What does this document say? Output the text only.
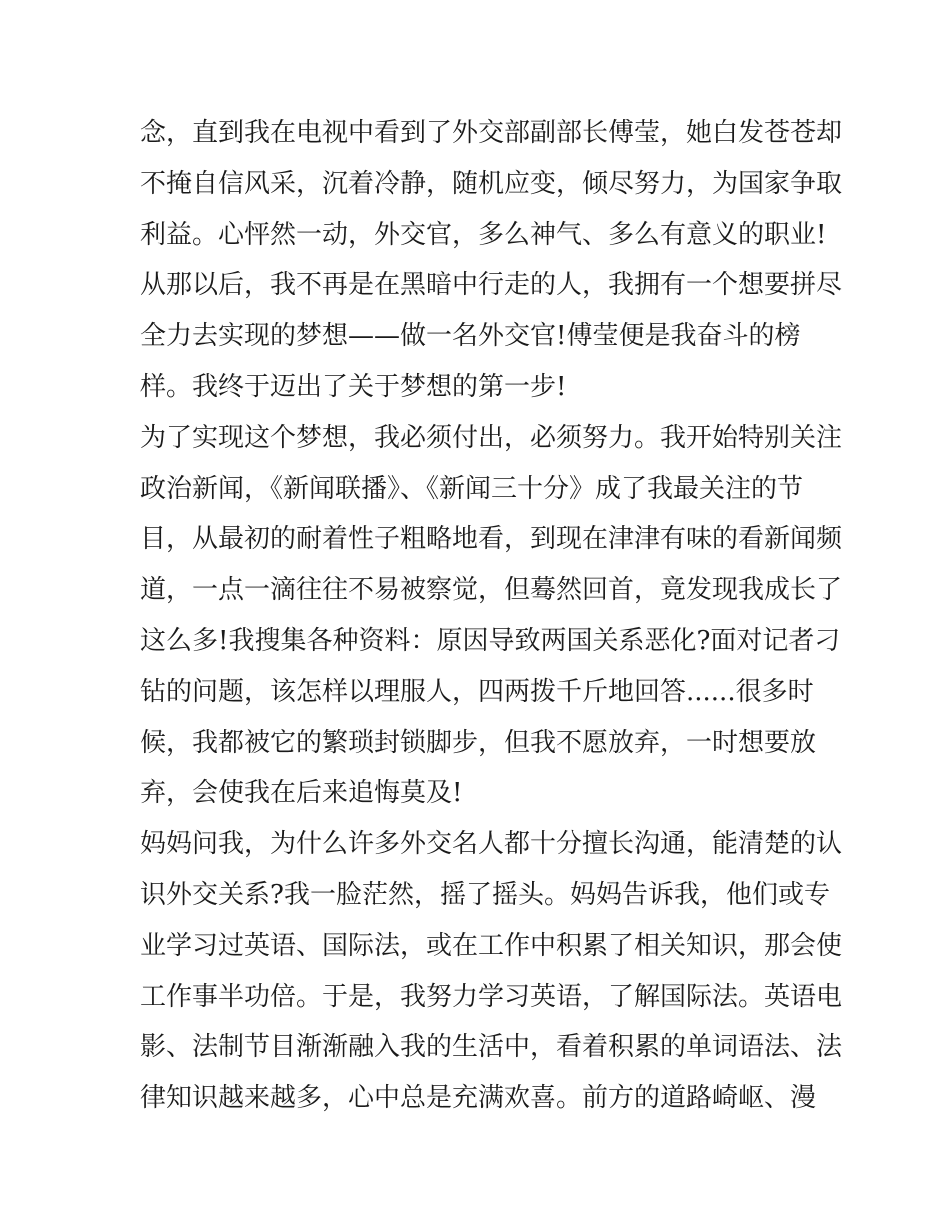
念，直到我在电视中看到了外交部副部长傅莹，她白发苍苍却
不掩自信风采，沉着冷静，随机应变，倾尽努力，为国家争取
利益。心怦然一动，外交官，多么神气、多么有意义的职业!
从那以后，我不再是在黑暗中行走的人，我拥有一个想要拼尽
全力去实现的梦想——做一名外交官!傅莹便是我奋斗的榜
样。我终于迈出了关于梦想的第一步!
为了实现这个梦想，我必须付出，必须努力。我开始特别关注
政治新闻，《新闻联播》、《新闻三十分》成了我最关注的节
目，从最初的耐着性子粗略地看，到现在津津有味的看新闻频
道，一点一滴往往不易被察觉，但蓦然回首，竟发现我成长了
这么多!我搜集各种资料：原因导致两国关系恶化?面对记者刁
钻的问题，该怎样以理服人，四两拨千斤地回答......很多时
候，我都被它的繁琐封锁脚步，但我不愿放弃，一时想要放
弃，会使我在后来追悔莫及!
妈妈问我，为什么许多外交名人都十分擅长沟通，能清楚的认
识外交关系?我一脸茫然，摇了摇头。妈妈告诉我，他们或专
业学习过英语、国际法，或在工作中积累了相关知识，那会使
工作事半功倍。于是，我努力学习英语，了解国际法。英语电
影、法制节目渐渐融入我的生活中，看着积累的单词语法、法
律知识越来越多，心中总是充满欢喜。前方的道路崎岖、漫
